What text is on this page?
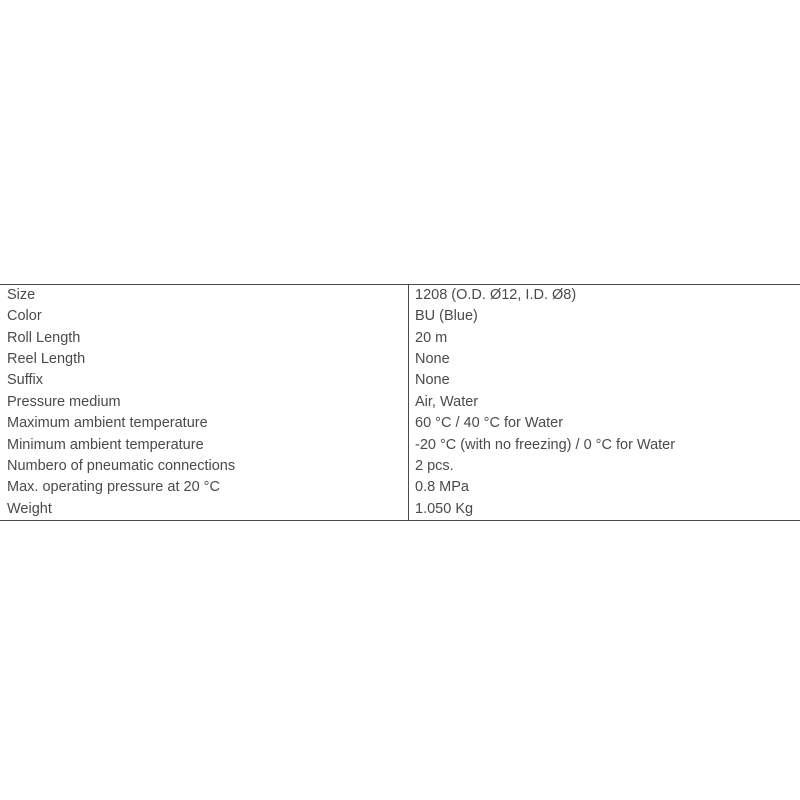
Size	1208 (O.D. Ø12, I.D. Ø8)
Color	BU (Blue)
Roll Length	20 m
Reel Length	None
Suffix	None
Pressure medium	Air, Water
Maximum ambient temperature	60 °C / 40 °C for Water
Minimum ambient temperature	-20 °C (with no freezing) / 0 °C for Water
Numbero of pneumatic connections	2 pcs.
Max. operating pressure at 20 °C	0.8 MPa
Weight	1.050 Kg
